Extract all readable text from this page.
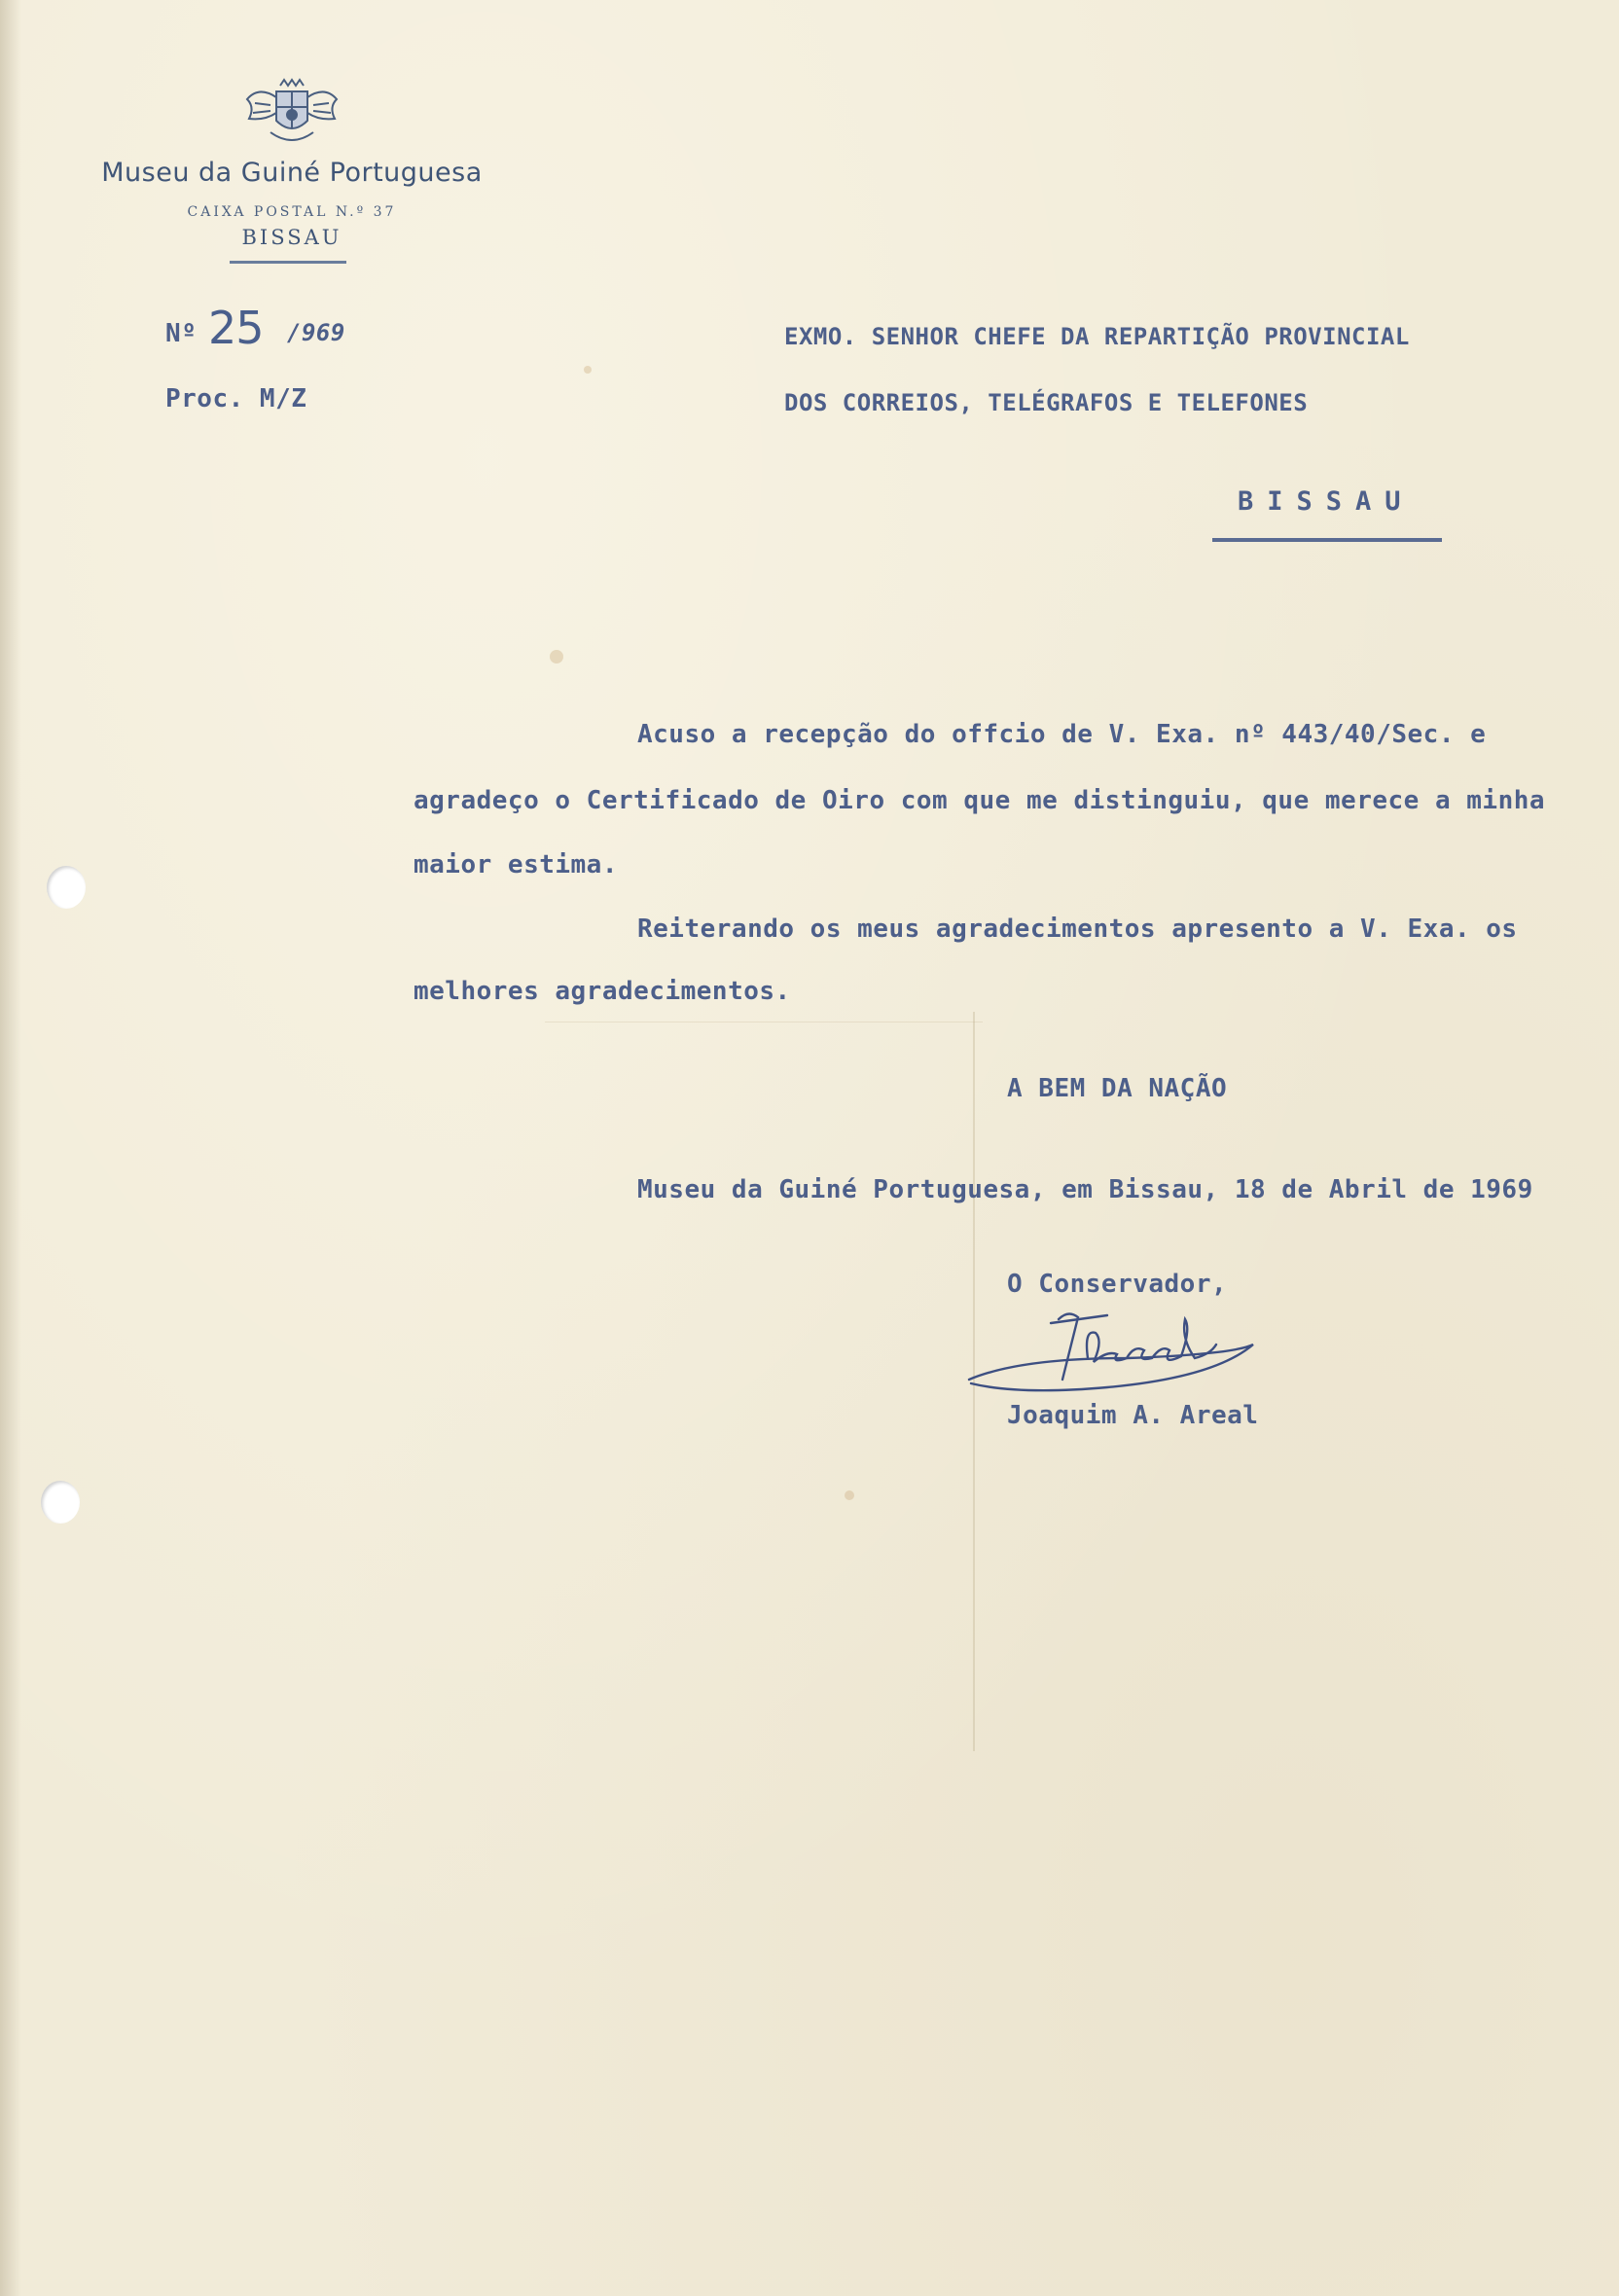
Museu da Guiné Portuguesa
CAIXA POSTAL N.º 37
BISSAU
Nº 25 /969
Proc. M/Z
EXMO. SENHOR CHEFE DA REPARTIÇÃO PROVINCIAL
DOS CORREIOS, TELÉGRAFOS E TELEFONES
BISSAU
Acuso a recepção do offcio de V. Exa. nº 443/40/Sec. e
agradeço o Certificado de Oiro com que me distinguiu, que merece a minha
maior estima.
Reiterando os meus agradecimentos apresento a V. Exa. os
melhores agradecimentos.
A BEM DA NAÇÃO
Museu da Guiné Portuguesa, em Bissau, 18 de Abril de 1969
O Conservador,
Joaquim A. Areal
